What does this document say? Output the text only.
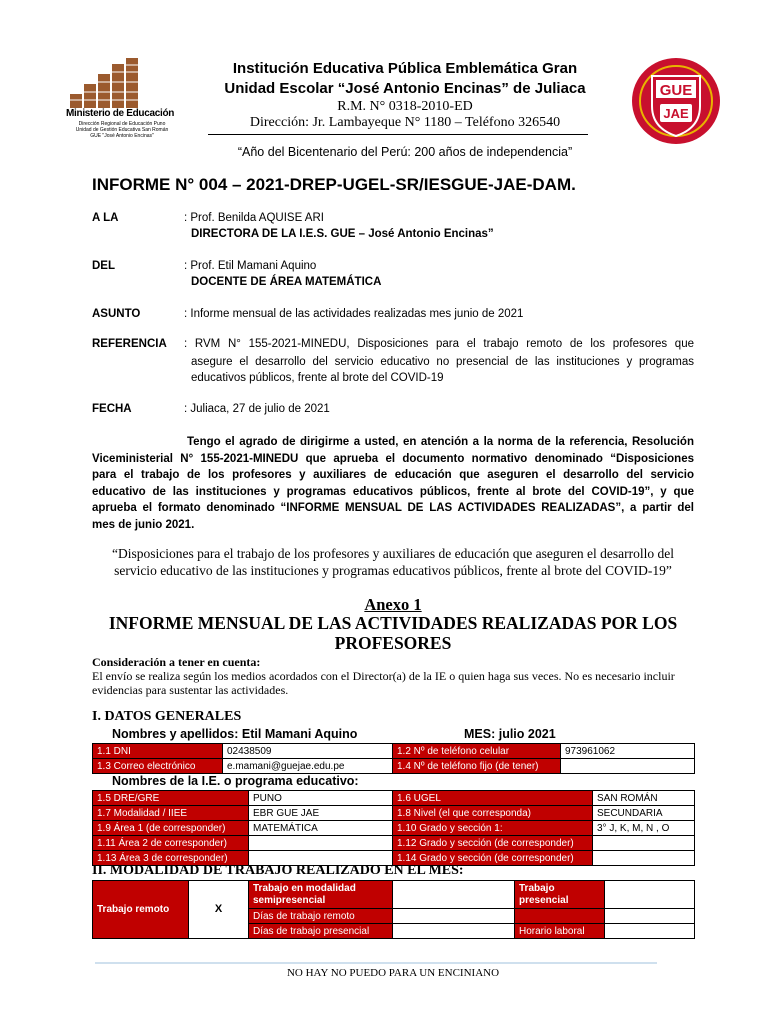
Ministerio de Educación
Dirección Regional de Educación Puno
Unidad de Gestión Educativa San Román
GUE "José Antonio Encinas"
Institución Educativa Pública Emblemática Gran
Unidad Escolar “José Antonio Encinas” de Juliaca
R.M. N° 0318-2010-ED
Dirección: Jr. Lambayeque N° 1180 – Teléfono 326540
GUE
JAE
“Año del Bicentenario del Perú: 200 años de independencia”
INFORME N° 004 – 2021-DREP-UGEL-SR/IESGUE-JAE-DAM.
A LA	: Prof. Benilda AQUISE ARI
DIRECTORA DE LA I.E.S. GUE – José Antonio Encinas”
DEL	: Prof. Etil Mamani Aquino
DOCENTE DE ÁREA MATEMÁTICA
ASUNTO	: Informe mensual de las actividades realizadas mes junio de 2021
REFERENCIA : RVM N° 155-2021-MINEDU, Disposiciones para el trabajo remoto de los profesores que
asegure el desarrollo del servicio educativo no presencial de las instituciones y programas educativos públicos, frente al brote del COVID-19
FECHA	: Juliaca, 27 de julio de 2021
Tengo el agrado de dirigirme a usted, en atención a la norma de la referencia, Resolución
Viceministerial N° 155-2021-MINEDU que aprueba el documento normativo denominado “Disposiciones
para el trabajo de los profesores y auxiliares de educación que aseguren el desarrollo del servicio
educativo de las instituciones y programas educativos públicos, frente al brote del COVID-19”, y que
aprueba el formato denominado “INFORME MENSUAL DE LAS ACTIVIDADES REALIZADAS”, a partir del
mes de junio 2021.
“Disposiciones para el trabajo de los profesores y auxiliares de educación que aseguren el desarrollo del servicio educativo de las instituciones y programas educativos públicos, frente al brote del COVID-19”
Anexo 1
INFORME MENSUAL DE LAS ACTIVIDADES REALIZADAS POR LOS PROFESORES
Consideración a tener en cuenta:
El envío se realiza según los medios acordados con el Director(a) de la IE o quien haga sus veces. No es necesario incluir evidencias para sustentar las actividades.
I. DATOS GENERALES
Nombres y apellidos: Etil Mamani Aquino	MES: julio 2021
1.1 DNI	02438509	1.2 Nº de teléfono celular	973961062
1.3 Correo electrónico	e.mamani@guejae.edu.pe	1.4 Nº de teléfono fijo (de tener)	
Nombres de la I.E. o programa educativo:
1.5 DRE/GRE	PUNO	1.6 UGEL	SAN ROMÁN
1.7 Modalidad / IIEE	EBR GUE JAE	1.8 Nivel (el que corresponda)	SECUNDARIA
1.9 Área 1 (de corresponder)	MATEMÁTICA	1.10 Grado y sección 1:	3° J, K, M, N , O
1.11 Área 2 de corresponder)		1.12 Grado y sección (de corresponder)	
1.13 Área 3 de corresponder)		1.14 Grado y sección (de corresponder)	
II. MODALIDAD DE TRABAJO REALIZADO EN EL MES:
Trabajo remoto	X	Trabajo en modalidad semipresencial		Trabajo presencial	
		Días de trabajo remoto			
		Días de trabajo presencial		Horario laboral	
NO HAY NO PUEDO PARA UN ENCINIANO
